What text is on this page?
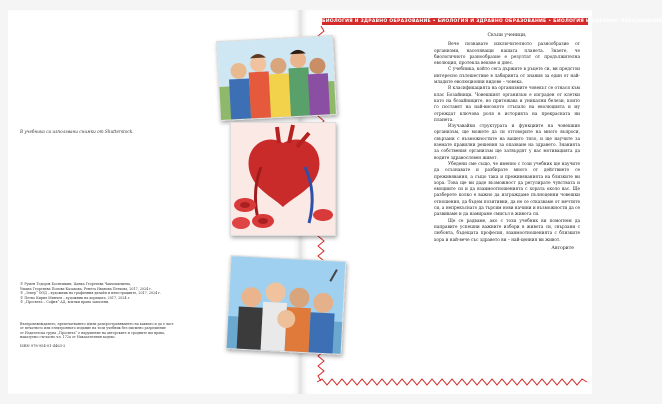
В учебника са използвани снимки от Shutterstock.

© Румен Тодоров Боснешкин, Цанка Георгиева Чакъмакчиева,

Ушана Георгиева Попова-Казакова, Ренета Иванова Петкова, 2017, 2024 г.

© „Зевер“ ООД – художник на графичния дизайн и илюстрациите, 2017, 2024 г.

© Петко Кирил Минчев – художник на корицата, 2017, 2024 г.

© „Просвета – София“ АД, всички права запазени.

Възпроизвеждането, препечатването и/или разпространяването на каквато и да е част

от печатното или електронното издание на този учебник без писмено разрешение

от Издателска група „Просвета“ е нарушение на авторските и сродните им права,

наказуемо съгласно чл. 172а от Наказателния кодекс.

ISBN 978-954-01-4463-2
БИОЛОГИЯ И ЗДРАВНО ОБРАЗОВАНИЕ • БИОЛОГИЯ И ЗДРАВНО ОБРАЗОВАНИЕ • БИОЛОГИЯ И ЗДРАВНО ОБРАЗОВАНИЕ
Скъпи ученици,

Вече познавате изключителното разнообразие от организми, населяващи нашата планета. Знаете, че биологичното разнообразие е резултат от продължителна еволюция, протекла векове и днес.

С учебника, който сега държите в ръцете си, ви предстои интересно пътешествие в лабиринта от знания за един от най-младите еволюционни видове – човека.

В класификацията на организмите човекът се отнася към клас Бозайници. Човешкият организъм е изграден от клетки като на бозайниците, но притежава и уникални белези, които го поставят на най-високото стъпало на еволюцията и му отреждат ключова роля в историята на прекрасната ни планета.

Изучавайки структурата и функциите на човешкия организъм, ще можете да си отговорите на много въпроси, свързани с възможностите на вашето тяло, и ще научите за вземате правилни решения за опазване на здравето. Знанията за собствения организъм ще затвърдят у вас мотивацията да водите здравословен живот.

Убедени сме също, че именно с този учебник ще научите да осъзнавате и разбирате много от действието се преживявания, а също така и преживяванията на близките ви хора. Това ще ви даде възможност да регулирате чувствата и емоциите си и да взаимоотношенията с хората около вас. Ще разберете колко е важно да изграждаме пълноценни човешки отношения, да бъдем позитивни, да не се отказваме от мечтите си, а непрекъснато да търсим нови начини и възможности да се развиваме и да намираме смисъл в живота си.

Ще се радваме, ако с този учебник ви помогнем да направите успешни важните избори в живота си, свързани с любовта, бъдещата професия, взаимоотношенията с близките хора и най-вече със здравето ви – най-ценния ви живот.

Авторите
